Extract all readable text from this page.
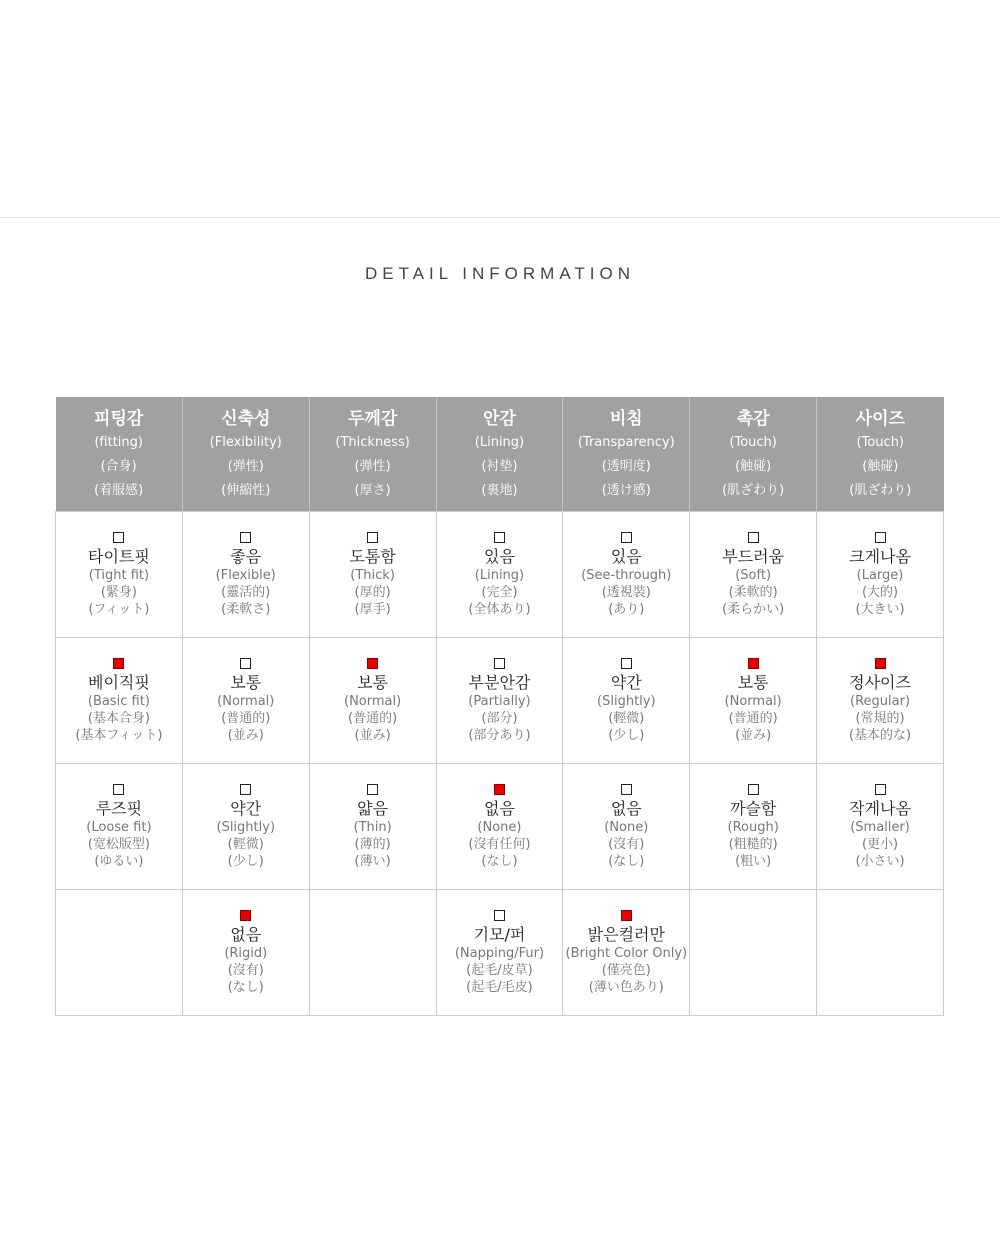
DETAIL INFORMATION
피팅감
(fitting)
(合身)
(着服感)	신축성
(Flexibility)
(弹性)
(伸縮性)	두께감
(Thickness)
(弹性)
(厚さ)	안감
(Lining)
(衬垫)
(裏地)	비침
(Transparency)
(透明度)
(透け感)	촉감
(Touch)
(触碰)
(肌ざわり)	사이즈
(Touch)
(触碰)
(肌ざわり)

타이트핏
(Tight fit)
(緊身)
(フィット)	좋음
(Flexible)
(靈活的)
(柔軟さ)	도톰함
(Thick)
(厚的)
(厚手)	있음
(Lining)
(完全)
(全体あり)	있음
(See-through)
(透視裝)
(あり)	부드러움
(Soft)
(柔軟的)
(柔らかい)	크게나옴
(Large)
(大的)
(大きい)

베이직핏
(Basic fit)
(基本合身)
(基本フィット)	보통
(Normal)
(普通的)
(並み)	보통
(Normal)
(普通的)
(並み)	부분안감
(Partially)
(部分)
(部分あり)	약간
(Slightly)
(輕微)
(少し)	보통
(Normal)
(普通的)
(並み)	정사이즈
(Regular)
(常規的)
(基本的な)

루즈핏
(Loose fit)
(宽松版型)
(ゆるい)	약간
(Slightly)
(輕微)
(少し)	얇음
(Thin)
(薄的)
(薄い)	없음
(None)
(沒有任何)
(なし)	없음
(None)
(沒有)
(なし)	까슬함
(Rough)
(粗糙的)
(粗い)	작게나옴
(Smaller)
(更小)
(小さい)

	없음
(Rigid)
(沒有)
(なし)		기모/퍼
(Napping/Fur)
(起毛/皮草)
(起毛/毛皮)	밝은컬러만
(Bright Color Only)
(僅亮色)
(薄い色あり)		
